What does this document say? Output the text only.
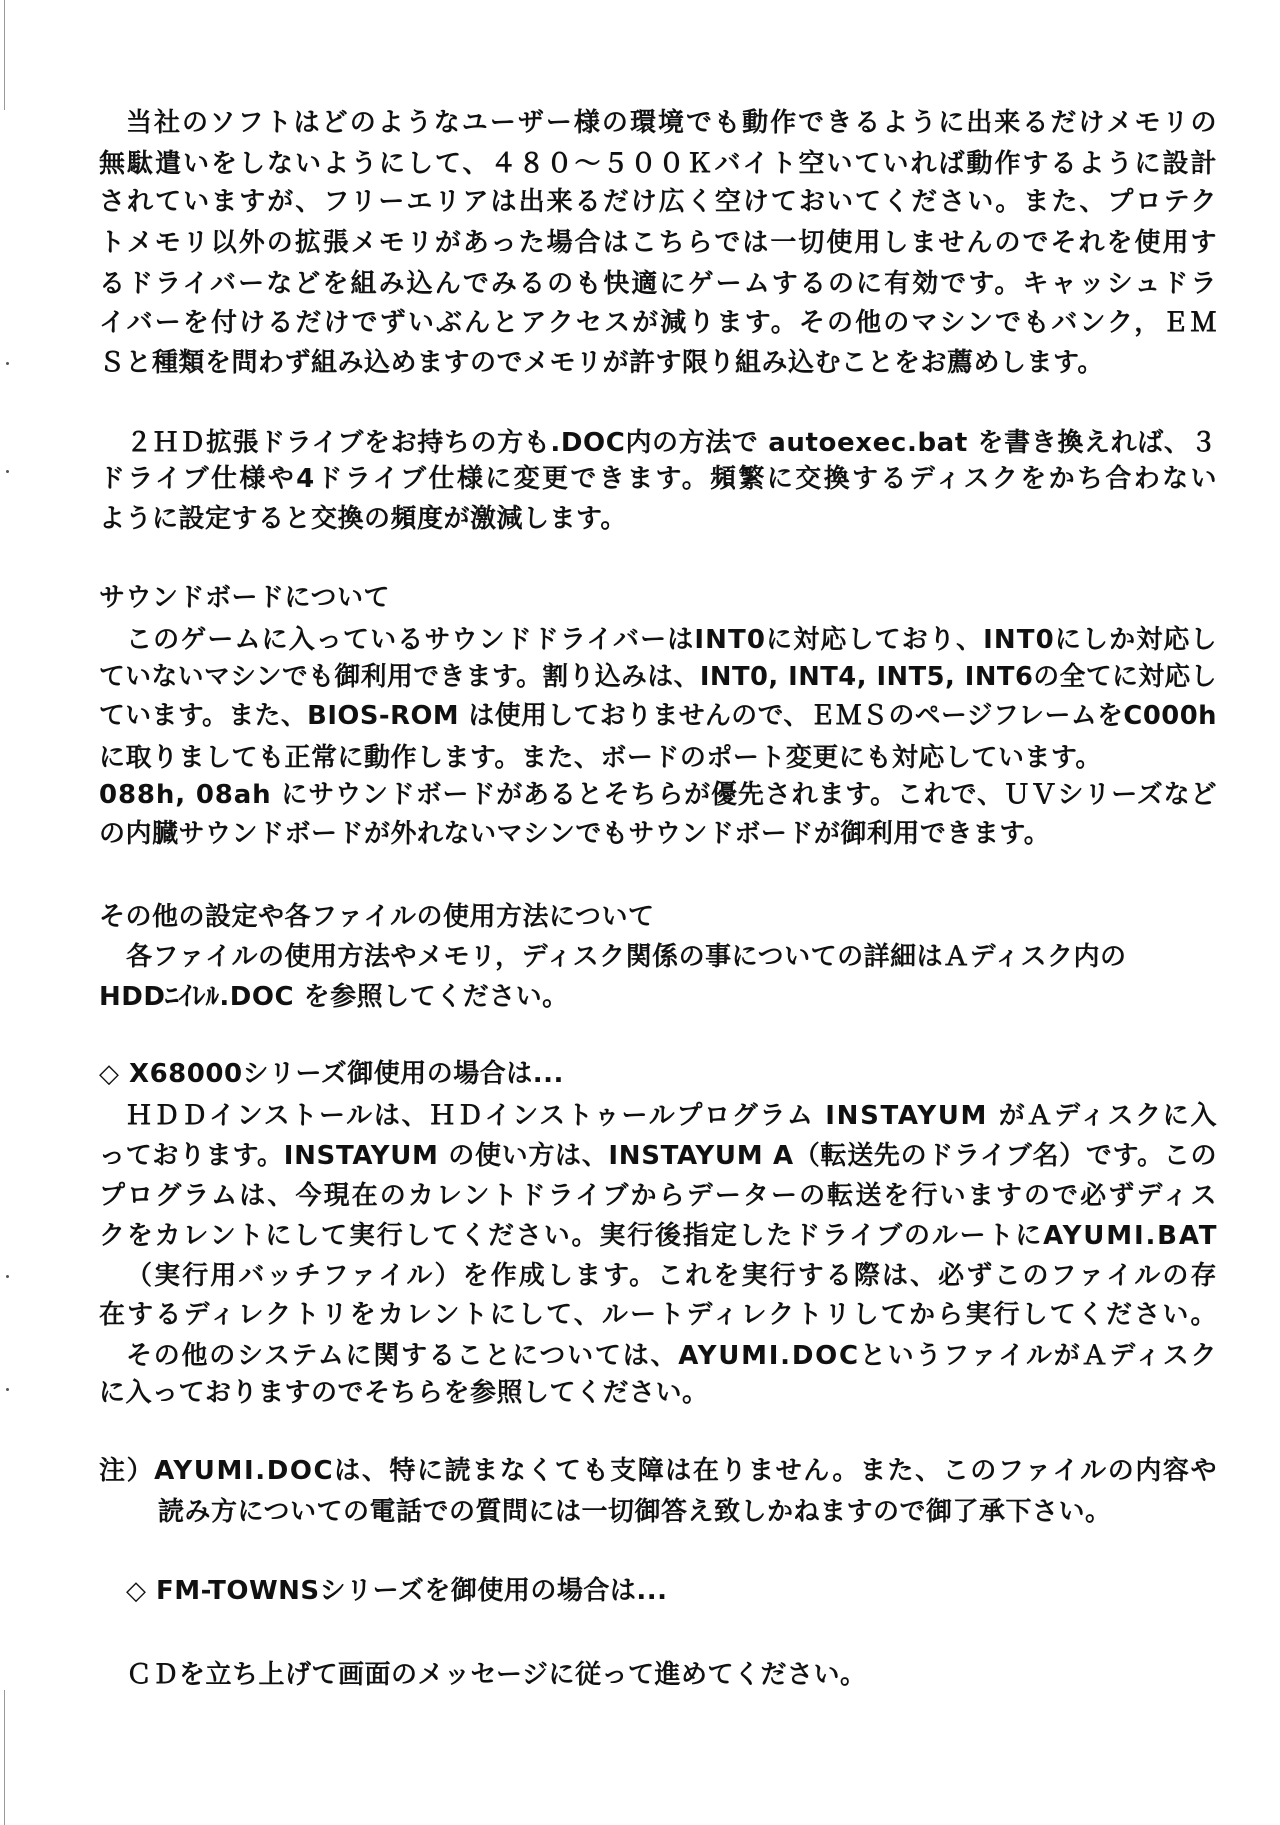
当社のソフトはどのようなユーザー様の環境でも動作できるように出来るだけメモリの
無駄遣いをしないようにして、４８０～５００Ｋバイト空いていれば動作するように設計
されていますが、フリーエリアは出来るだけ広く空けておいてください。また、プロテク
トメモリ以外の拡張メモリがあった場合はこちらでは一切使用しませんのでそれを使用す
るドライバーなどを組み込んでみるのも快適にゲームするのに有効です。キャッシュドラ
イバーを付けるだけでずいぶんとアクセスが減ります。その他のマシンでもバンク，ＥＭ
Ｓと種類を問わず組み込めますのでメモリが許す限り組み込むことをお薦めします。
２ＨＤ拡張ドライブをお持ちの方も.DOC内の方法で autoexec.bat を書き換えれば、３
ドライブ仕様や4ドライブ仕様に変更できます。頻繁に交換するディスクをかち合わない
ように設定すると交換の頻度が激減します。
サウンドボードについて
このゲームに入っているサウンドドライバーはINT0に対応しており、INT0にしか対応し
ていないマシンでも御利用できます。割り込みは、INT0, INT4, INT5, INT6の全てに対応し
ています。また、BIOS-ROM は使用しておりませんので、ＥＭＳのページフレームをC000h
に取りましても正常に動作します。また、ボードのポート変更にも対応しています。
088h, 08ah にサウンドボードがあるとそちらが優先されます。これで、ＵＶシリーズなど
の内臓サウンドボードが外れないマシンでもサウンドボードが御利用できます。
その他の設定や各ファイルの使用方法について
各ファイルの使用方法やメモリ，ディスク関係の事についての詳細はＡディスク内の
HDDﾆｲﾚﾙ.DOC を参照してください。
◇ X68000シリーズ御使用の場合は...
ＨＤＤインストールは、ＨＤインストゥールプログラム INSTAYUM がＡディスクに入
っております。INSTAYUM の使い方は、INSTAYUM A（転送先のドライブ名）です。この
プログラムは、今現在のカレントドライブからデーターの転送を行いますので必ずディス
クをカレントにして実行してください。実行後指定したドライブのルートにAYUMI.BAT
（実行用バッチファイル）を作成します。これを実行する際は、必ずこのファイルの存
在するディレクトリをカレントにして、ルートディレクトリしてから実行してください。
その他のシステムに関することについては、AYUMI.DOCというファイルがＡディスク
に入っておりますのでそちらを参照してください。
注）AYUMI.DOCは、特に読まなくても支障は在りません。また、このファイルの内容や
読み方についての電話での質問には一切御答え致しかねますので御了承下さい。
◇ FM-TOWNSシリーズを御使用の場合は...
ＣＤを立ち上げて画面のメッセージに従って進めてください。
